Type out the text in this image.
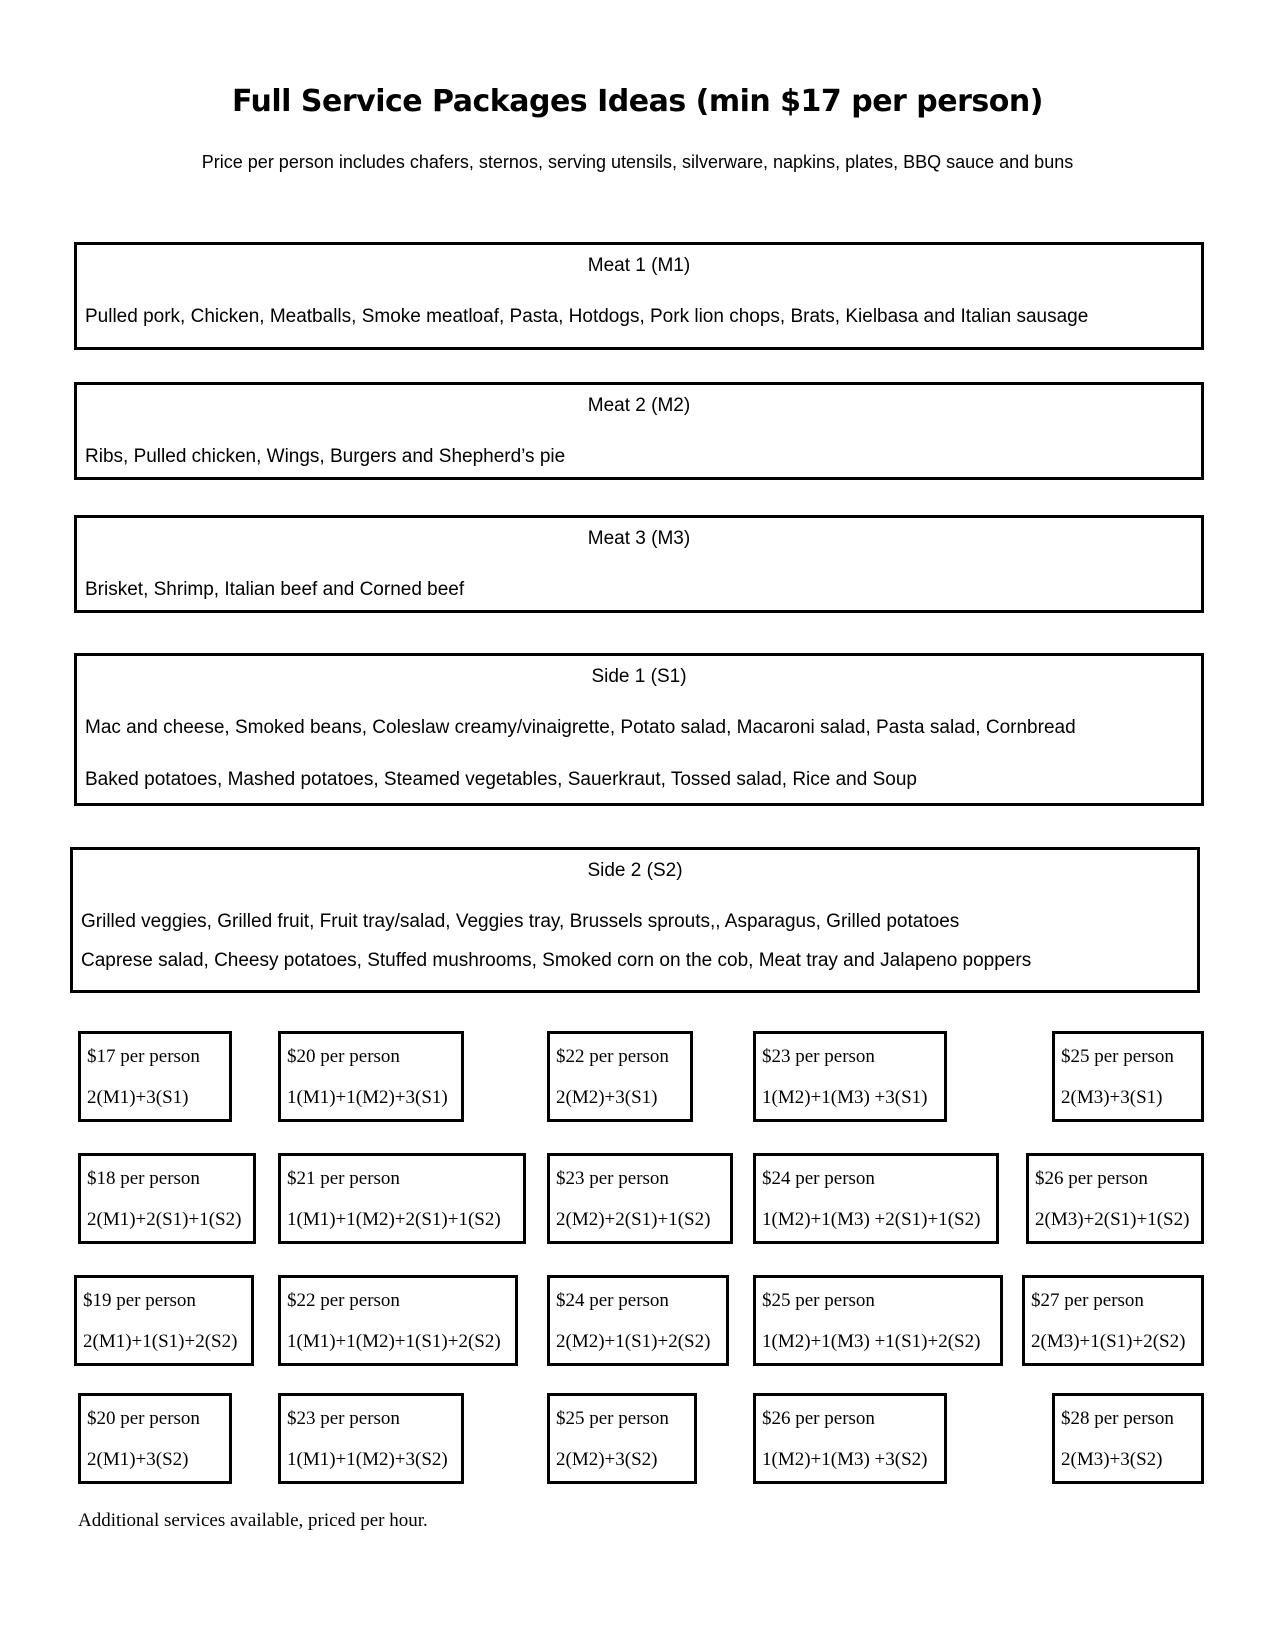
Full Service Packages Ideas (min $17 per person)
Price per person includes chafers, sternos, serving utensils, silverware, napkins, plates, BBQ sauce and buns
Meat 1 (M1)
Pulled pork, Chicken, Meatballs, Smoke meatloaf, Pasta, Hotdogs, Pork lion chops, Brats, Kielbasa and Italian sausage
Meat 2 (M2)
Ribs, Pulled chicken, Wings, Burgers and Shepherd’s pie
Meat 3 (M3)
Brisket, Shrimp, Italian beef and Corned beef
Side 1 (S1)
Mac and cheese, Smoked beans, Coleslaw creamy/vinaigrette, Potato salad, Macaroni salad, Pasta salad, Cornbread
Baked potatoes, Mashed potatoes, Steamed vegetables, Sauerkraut, Tossed salad, Rice and Soup
Side 2 (S2)
Grilled veggies, Grilled fruit, Fruit tray/salad, Veggies tray, Brussels sprouts,, Asparagus, Grilled potatoes
Caprese salad, Cheesy potatoes, Stuffed mushrooms, Smoked corn on the cob, Meat tray and Jalapeno poppers
$17 per person
2(M1)+3(S1)
$20 per person
1(M1)+1(M2)+3(S1)
$22 per person
2(M2)+3(S1)
$23 per person
1(M2)+1(M3) +3(S1)
$25 per person
2(M3)+3(S1)
$18 per person
2(M1)+2(S1)+1(S2)
$21 per person
1(M1)+1(M2)+2(S1)+1(S2)
$23 per person
2(M2)+2(S1)+1(S2)
$24 per person
1(M2)+1(M3) +2(S1)+1(S2)
$26 per person
2(M3)+2(S1)+1(S2)
$19 per person
2(M1)+1(S1)+2(S2)
$22 per person
1(M1)+1(M2)+1(S1)+2(S2)
$24 per person
2(M2)+1(S1)+2(S2)
$25 per person
1(M2)+1(M3) +1(S1)+2(S2)
$27 per person
2(M3)+1(S1)+2(S2)
$20 per person
2(M1)+3(S2)
$23 per person
1(M1)+1(M2)+3(S2)
$25 per person
2(M2)+3(S2)
$26 per person
1(M2)+1(M3) +3(S2)
$28 per person
2(M3)+3(S2)
Additional services available, priced per hour.
